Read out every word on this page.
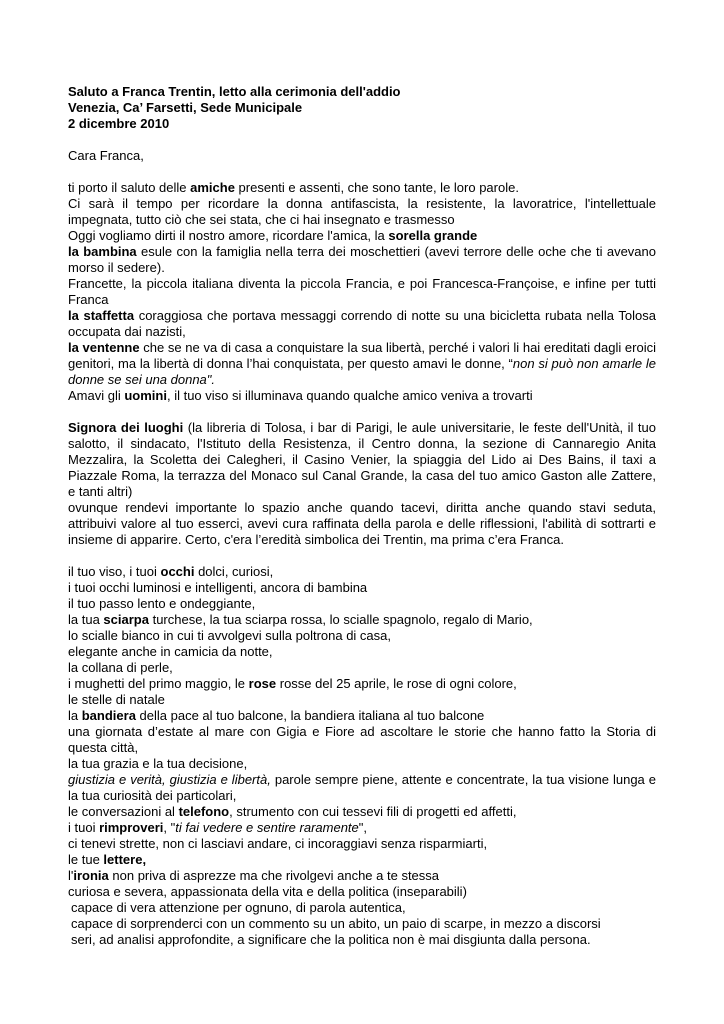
Saluto a Franca Trentin, letto alla cerimonia dell'addio
Venezia, Ca’ Farsetti, Sede Municipale
2 dicembre 2010
Cara Franca,
ti porto il saluto delle amiche presenti e assenti, che sono tante, le loro parole.
Ci sarà il tempo per ricordare la donna antifascista, la resistente, la lavoratrice, l'intellettuale impegnata, tutto ciò che sei stata, che ci hai insegnato e trasmesso
Oggi vogliamo dirti il nostro amore, ricordare l'amica, la sorella grande
la bambina esule con la famiglia nella terra dei moschettieri (avevi terrore delle oche che ti avevano morso il sedere).
Francette, la piccola italiana diventa la piccola Francia, e poi Francesca-Françoise, e infine per tutti Franca
la staffetta coraggiosa che portava messaggi correndo di notte su una bicicletta rubata nella Tolosa occupata dai nazisti,
la ventenne che se ne va di casa a conquistare la sua libertà, perché i valori li hai ereditati dagli eroici genitori, ma la libertà di donna l’hai conquistata, per questo amavi le donne, “non si può non amarle le donne se sei una donna".
Amavi gli uomini, il tuo viso si illuminava quando qualche amico veniva a trovarti
Signora dei luoghi (la libreria di Tolosa, i bar di Parigi, le aule universitarie, le feste dell'Unità, il tuo salotto, il sindacato, l'Istituto della Resistenza, il Centro donna, la sezione di Cannaregio Anita Mezzalira, la Scoletta dei Calegheri, il Casino Venier, la spiaggia del Lido ai Des Bains, il taxi a Piazzale Roma, la terrazza del Monaco sul Canal Grande, la casa del tuo amico Gaston alle Zattere, e tanti altri)
ovunque rendevi importante lo spazio anche quando tacevi, diritta anche quando stavi seduta, attribuivi valore al tuo esserci, avevi cura raffinata della parola e delle riflessioni, l'abilità di sottrarti e insieme di apparire. Certo, c'era l’eredità simbolica dei Trentin, ma prima c’era Franca.
il tuo viso, i tuoi occhi dolci, curiosi,
i tuoi occhi luminosi e intelligenti, ancora di bambina
il tuo passo lento e ondeggiante,
la tua sciarpa turchese, la tua sciarpa rossa, lo scialle spagnolo, regalo di Mario,
lo scialle bianco in cui ti avvolgevi sulla poltrona di casa,
elegante anche in camicia da notte,
la collana di perle,
i mughetti del primo maggio, le rose rosse del 25 aprile, le rose di ogni colore,
le stelle di natale
la bandiera della pace al tuo balcone, la bandiera italiana al tuo balcone
una giornata d’estate al mare con Gigia e Fiore ad ascoltare le storie che hanno fatto la Storia di questa città,
la tua grazia e la tua decisione,
giustizia e verità, giustizia e libertà, parole sempre piene, attente e concentrate, la tua visione lunga e la tua curiosità dei particolari,
le conversazioni al telefono, strumento con cui tessevi fili di progetti ed affetti,
i tuoi rimproveri, "ti fai vedere e sentire raramente",
ci tenevi strette, non ci lasciavi andare, ci incoraggiavi senza risparmiarti,
le tue lettere,
l'ironia non priva di asprezze ma che rivolgevi anche a te stessa
curiosa e severa, appassionata della vita e della politica (inseparabili)
capace di vera attenzione per ognuno, di parola autentica,
capace di sorprenderci con un commento su un abito, un paio di scarpe, in mezzo a discorsi
seri, ad analisi approfondite, a significare che la politica non è mai disgiunta dalla persona.
